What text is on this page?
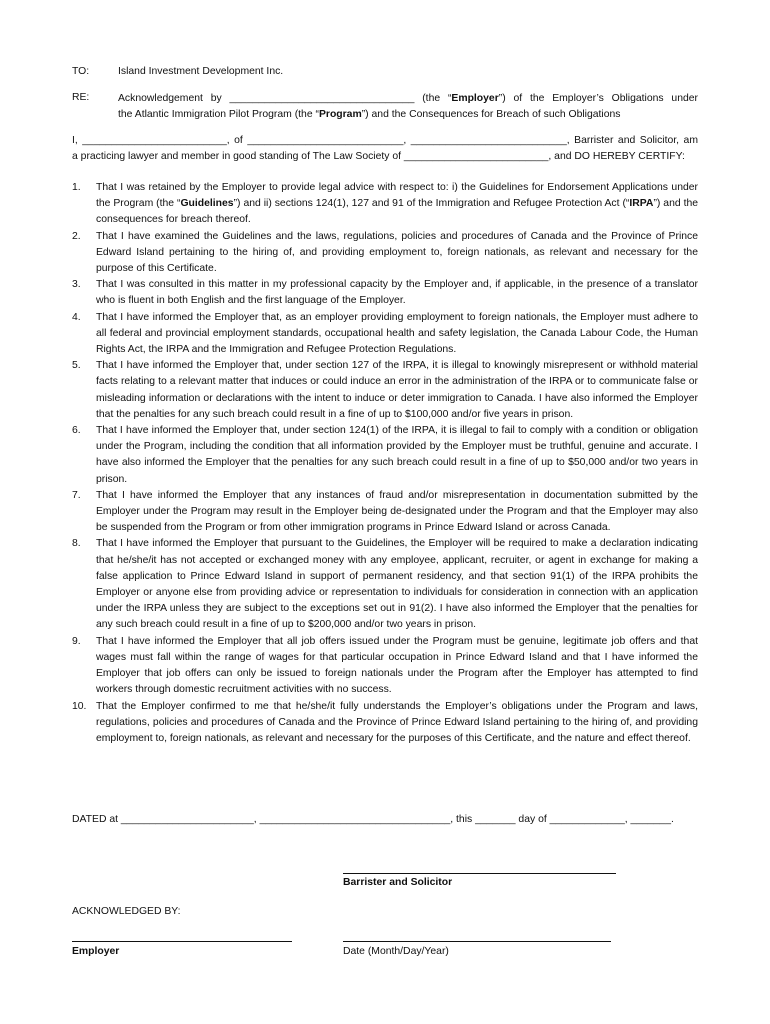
TO:	Island Investment Development Inc.
RE:	Acknowledgement by ________________________________ (the “Employer”) of the Employer’s Obligations under
the Atlantic Immigration Pilot Program (the “Program”) and the Consequences for Breach of such Obligations
I, _________________________, of ___________________________, ___________________________, Barrister and Solicitor, am
a practicing lawyer and member in good standing of The Law Society of _________________________, and DO HEREBY CERTIFY:
1. That I was retained by the Employer to provide legal advice with respect to: i) the Guidelines for Endorsement Applications under the Program (the “Guidelines”) and ii) sections 124(1), 127 and 91 of the Immigration and Refugee Protection Act (“IRPA”) and the consequences for breach thereof.
2. That I have examined the Guidelines and the laws, regulations, policies and procedures of Canada and the Province of Prince Edward Island pertaining to the hiring of, and providing employment to, foreign nationals, as relevant and necessary for the purpose of this Certificate.
3. That I was consulted in this matter in my professional capacity by the Employer and, if applicable, in the presence of a translator who is fluent in both English and the first language of the Employer.
4. That I have informed the Employer that, as an employer providing employment to foreign nationals, the Employer must adhere to all federal and provincial employment standards, occupational health and safety legislation, the Canada Labour Code, the Human Rights Act, the IRPA and the Immigration and Refugee Protection Regulations.
5. That I have informed the Employer that, under section 127 of the IRPA, it is illegal to knowingly misrepresent or withhold material facts relating to a relevant matter that induces or could induce an error in the administration of the IRPA or to communicate false or misleading information or declarations with the intent to induce or deter immigration to Canada. I have also informed the Employer that the penalties for any such breach could result in a fine of up to $100,000 and/or five years in prison.
6. That I have informed the Employer that, under section 124(1) of the IRPA, it is illegal to fail to comply with a condition or obligation under the Program, including the condition that all information provided by the Employer must be truthful, genuine and accurate. I have also informed the Employer that the penalties for any such breach could result in a fine of up to $50,000 and/or two years in prison.
7. That I have informed the Employer that any instances of fraud and/or misrepresentation in documentation submitted by the Employer under the Program may result in the Employer being de-designated under the Program and that the Employer may also be suspended from the Program or from other immigration programs in Prince Edward Island or across Canada.
8. That I have informed the Employer that pursuant to the Guidelines, the Employer will be required to make a declaration indicating that he/she/it has not accepted or exchanged money with any employee, applicant, recruiter, or agent in exchange for making a false application to Prince Edward Island in support of permanent residency, and that section 91(1) of the IRPA prohibits the Employer or anyone else from providing advice or representation to individuals for consideration in connection with an application under the IRPA unless they are subject to the exceptions set out in 91(2). I have also informed the Employer that the penalties for any such breach could result in a fine of up to $200,000 and/or two years in prison.
9. That I have informed the Employer that all job offers issued under the Program must be genuine, legitimate job offers and that wages must fall within the range of wages for that particular occupation in Prince Edward Island and that I have informed the Employer that job offers can only be issued to foreign nationals under the Program after the Employer has attempted to find workers through domestic recruitment activities with no success.
10. That the Employer confirmed to me that he/she/it fully understands the Employer’s obligations under the Program and laws, regulations, policies and procedures of Canada and the Province of Prince Edward Island pertaining to the hiring of, and providing employment to, foreign nationals, as relevant and necessary for the purposes of this Certificate, and the nature and effect thereof.
DATED at _______________________, _________________________________, this _______ day of _____________, _______.
Barrister and Solicitor
ACKNOWLEDGED BY:
Employer	Date (Month/Day/Year)
